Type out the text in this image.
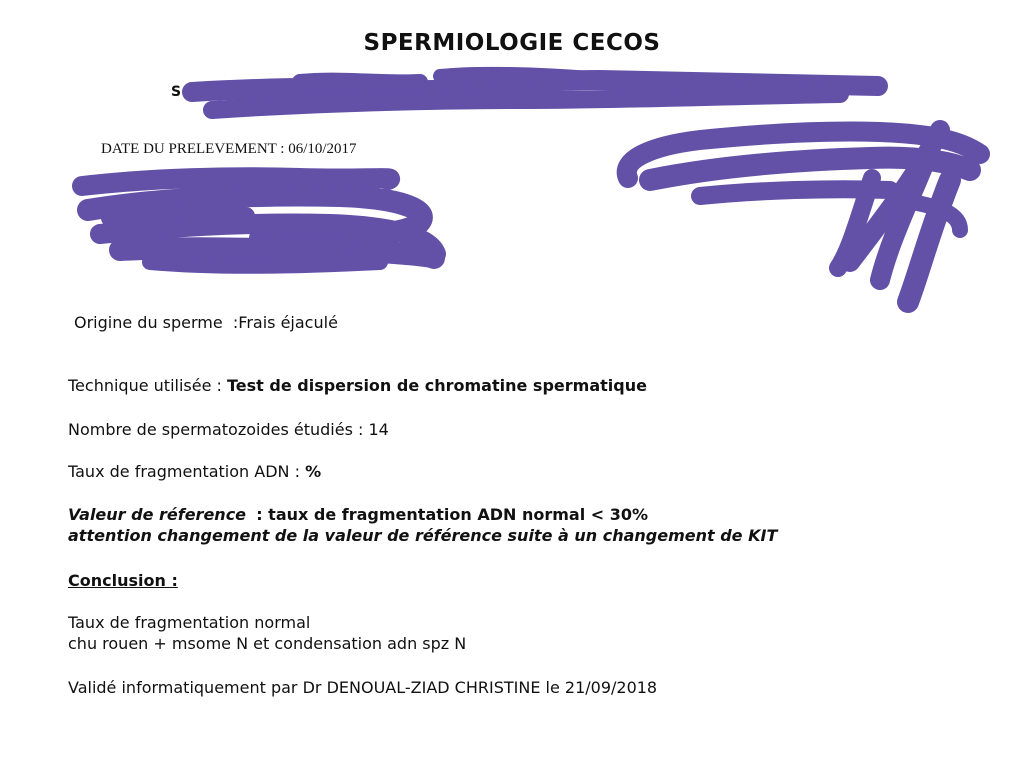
SPERMIOLOGIE CECOS
S	Tél	Fax : 02
DATE DU PRELEVEMENT : 06/10/2017
Origine du sperme :Frais éjaculé
Technique utilisée : Test de dispersion de chromatine spermatique
Nombre de spermatozoides étudiés : 14
Taux de fragmentation ADN : %
Valeur de réference : taux de fragmentation ADN normal < 30%
attention changement de la valeur de référence suite à un changement de KIT
Conclusion :
Taux de fragmentation normal
chu rouen + msome N et condensation adn spz N
Validé informatiquement par Dr DENOUAL-ZIAD CHRISTINE le 21/09/2018
